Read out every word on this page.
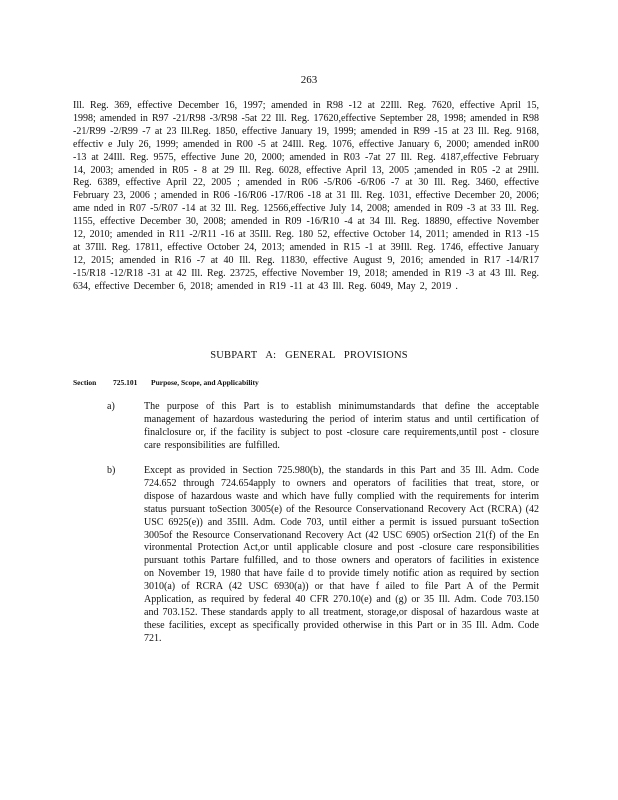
263

Ill. Reg. 369, effective December 16, 1997; amended in R98 -12 at 22Ill. Reg. 7620, effective April 15, 1998; amended in R97 -21/R98 -3/R98 -5at 22 Ill. Reg. 17620,effective September 28, 1998; amended in R98 -21/R99 -2/R99 -7 at 23 Ill.Reg. 1850, effective January 19, 1999; amended in R99 -15 at 23 Ill. Reg. 9168, effectiv e July 26, 1999; amended in R00 -5 at 24Ill. Reg. 1076, effective January 6, 2000; amended inR00 -13 at 24Ill. Reg. 9575, effective June 20, 2000; amended in R03 -7at 27 Ill. Reg. 4187,effective February 14, 2003; amended in R05 - 8 at 29 Ill. Reg. 6028, effective April 13, 2005 ;amended in R05 -2 at 29Ill. Reg. 6389, effective April 22, 2005 ; amended in R06 -5/R06 -6/R06 -7 at 30 Ill. Reg. 3460, effective February 23, 2006 ; amended in R06 -16/R06 -17/R06 -18 at 31 Ill. Reg. 1031, effective December 20, 2006; ame nded in R07 -5/R07 -14 at 32 Ill. Reg. 12566,effective July 14, 2008; amended in R09 -3 at 33 Ill. Reg. 1155, effective December 30, 2008; amended in R09 -16/R10 -4 at 34 Ill. Reg. 18890, effective November 12, 2010; amended in R11 -2/R11 -16 at 35Ill. Reg. 180 52, effective October 14, 2011; amended in R13 -15 at 37Ill. Reg. 17811, effective October 24, 2013; amended in R15 -1 at 39Ill. Reg. 1746, effective January 12, 2015; amended in R16 -7 at 40 Ill. Reg. 11830, effective August 9, 2016; amended in R17 -14/R17 -15/R18 -12/R18 -31 at 42 Ill. Reg. 23725, effective November 19, 2018; amended in R19 -3 at 43 Ill. Reg. 634, effective December 6, 2018; amended in R19 -11 at 43 Ill. Reg. 6049, May 2, 2019 .

SUBPART A: GENERAL PROVISIONS
Section 725.101 Purpose, Scope, and Applicability
a)	The purpose of this Part is to establish minimumstandards that define the acceptable management of hazardous wasteduring the period of interim status and until certification of finalclosure or, if the facility is subject to post -closure care requirements,until post - closure care responsibilities are fulfilled.

b)	Except as provided in Section 725.980(b), the standards in this Part and 35 Ill. Adm. Code 724.652 through 724.654apply to owners and operators of facilities that treat, store, or dispose of hazardous waste and which have fully complied with the requirements for interim status pursuant toSection 3005(e) of the Resource Conservationand Recovery Act (RCRA) (42 USC 6925(e)) and 35Ill. Adm. Code 703, until either a permit is issued pursuant toSection 3005of the Resource Conservationand Recovery Act (42 USC 6905) orSection 21(f) of the En vironmental Protection Act,or until applicable closure and post -closure care responsibilities pursuant tothis Partare fulfilled, and to those owners and operators of facilities in existence on November 19, 1980 that have faile d to provide timely notific ation as required by section 3010(a) of RCRA (42 USC 6930(a)) or that have f ailed to file Part A of the Permit Application, as required by federal 40 CFR 270.10(e) and (g) or 35 Ill. Adm. Code 703.150 and 703.152. These standards apply to all treatment, storage,or disposal of hazardous waste at these facilities, except as specifically provided otherwise in this Part or in 35 Ill. Adm. Code 721.
